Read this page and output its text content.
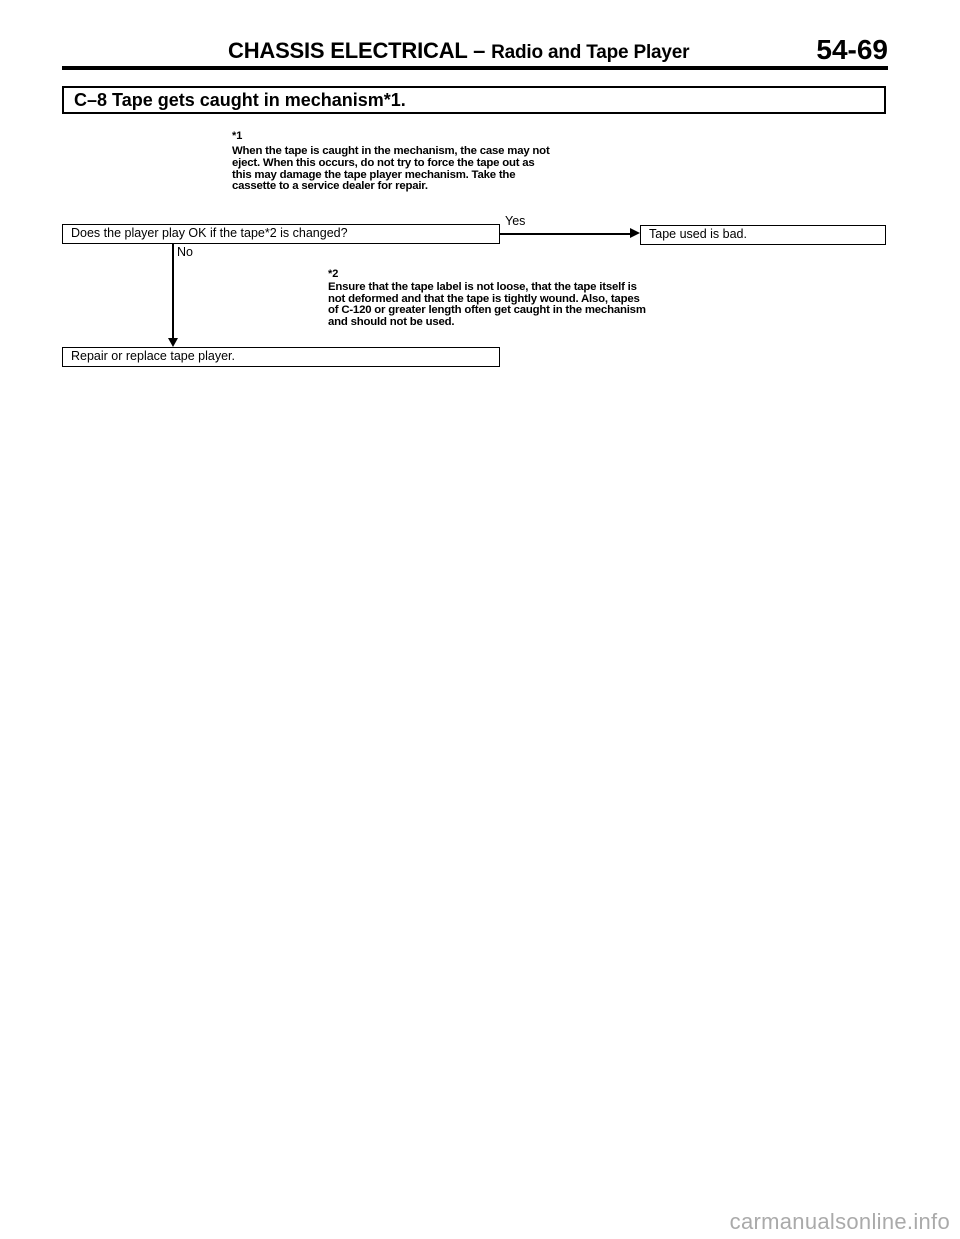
CHASSIS ELECTRICAL – Radio and Tape Player	54-69
C–8 Tape gets caught in mechanism*1.
*1
When the tape is caught in the mechanism, the case may not eject. When this occurs, do not try to force the tape out as this may damage the tape player mechanism. Take the cassette to a service dealer for repair.
Does the player play OK if the tape*2 is changed?
Yes
Tape used is bad.
No
Repair or replace tape player.
*2
Ensure that the tape label is not loose, that the tape itself is not deformed and that the tape is tightly wound. Also, tapes of C-120 or greater length often get caught in the mechanism and should not be used.
carmanualsonline.info
